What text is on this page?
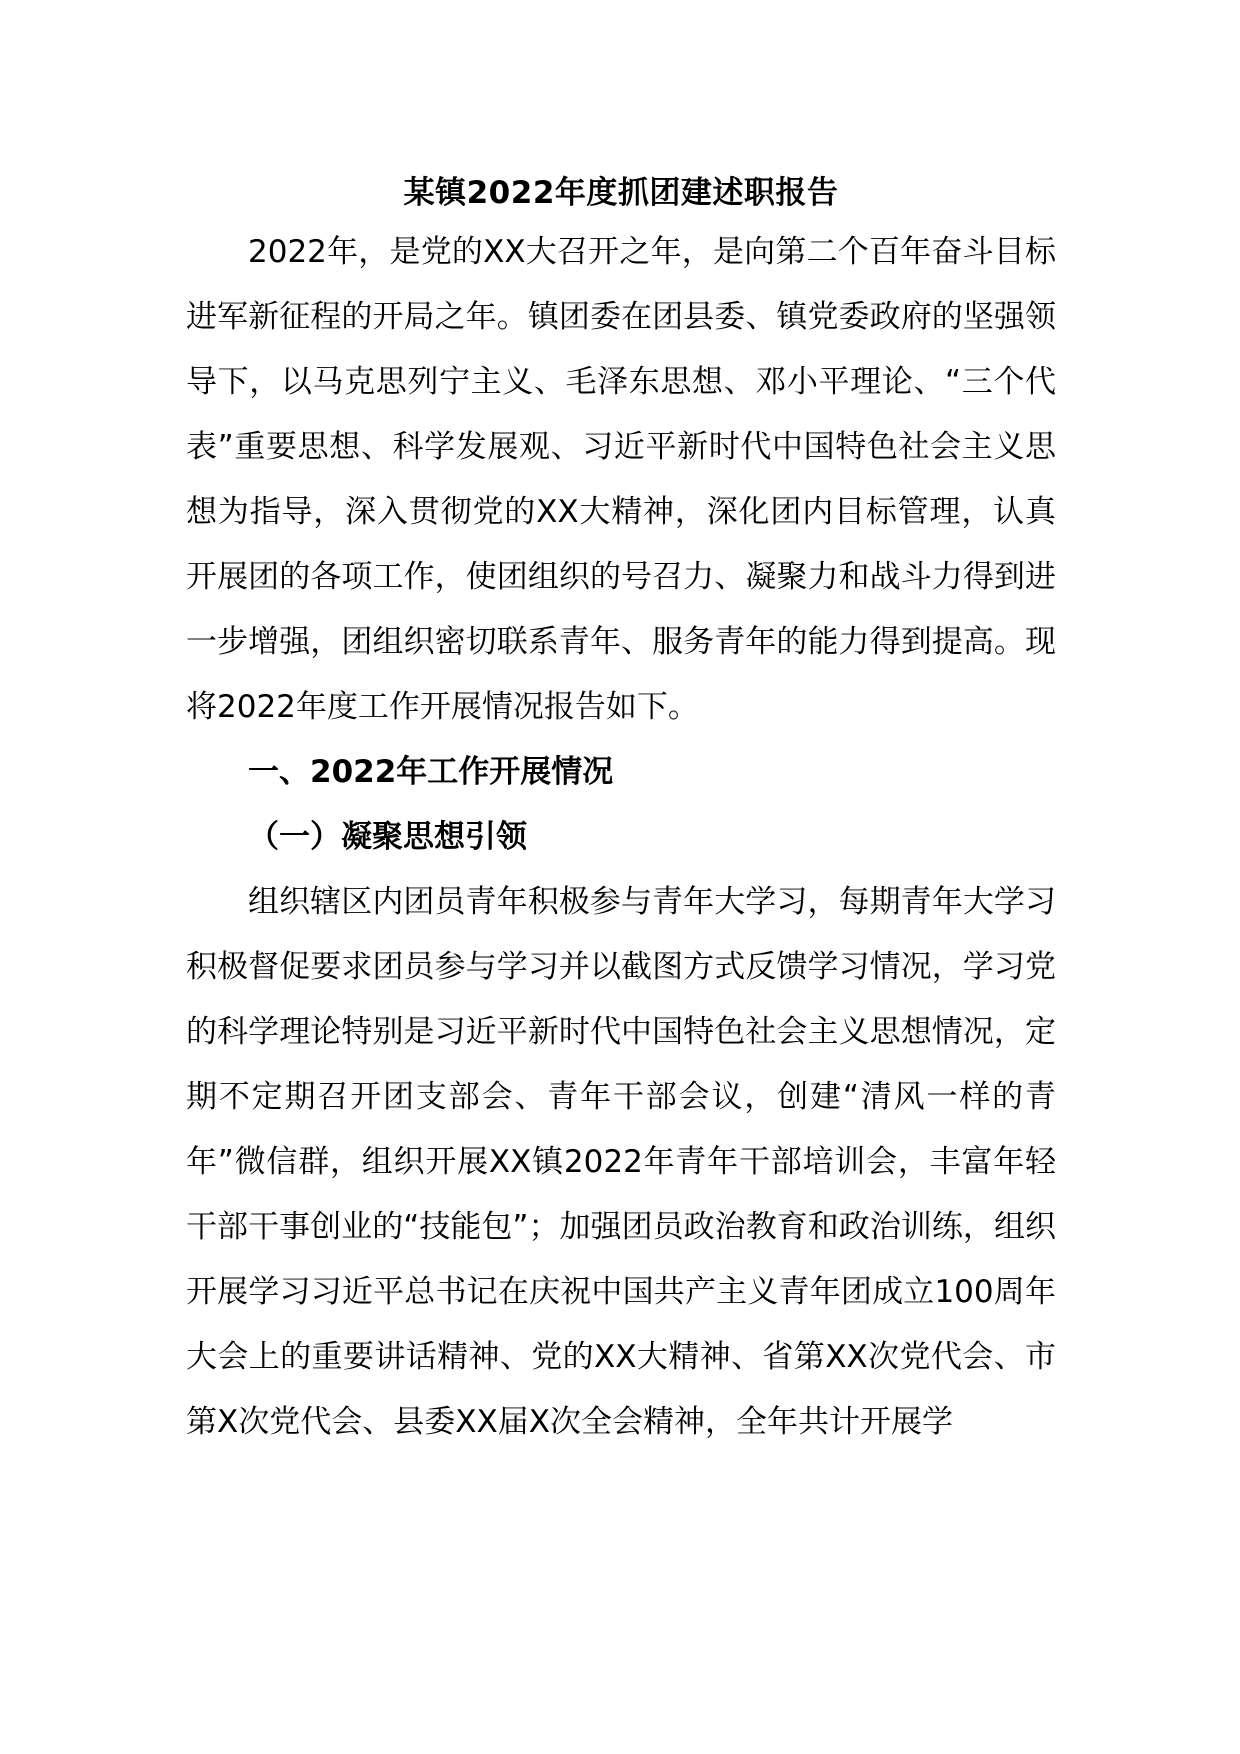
某镇2022年度抓团建述职报告

2022年，是党的XX大召开之年，是向第二个百年奋斗目标进军新征程的开局之年。镇团委在团县委、镇党委政府的坚强领导下，以马克思列宁主义、毛泽东思想、邓小平理论、“三个代表”重要思想、科学发展观、习近平新时代中国特色社会主义思想为指导，深入贯彻党的XX大精神，深化团内目标管理，认真开展团的各项工作，使团组织的号召力、凝聚力和战斗力得到进一步增强，团组织密切联系青年、服务青年的能力得到提高。现将2022年度工作开展情况报告如下。

一、2022年工作开展情况
（一）凝聚思想引领

组织辖区内团员青年积极参与青年大学习，每期青年大学习积极督促要求团员参与学习并以截图方式反馈学习情况，学习党的科学理论特别是习近平新时代中国特色社会主义思想情况，定期不定期召开团支部会、青年干部会议，创建“清风一样的青年”微信群，组织开展XX镇2022年青年干部培训会，丰富年轻干部干事创业的“技能包”；加强团员政治教育和政治训练，组织开展学习习近平总书记在庆祝中国共产主义青年团成立100周年大会上的重要讲话精神、党的XX大精神、省第XX次党代会、市第X次党代会、县委XX届X次全会精神，全年共计开展学
